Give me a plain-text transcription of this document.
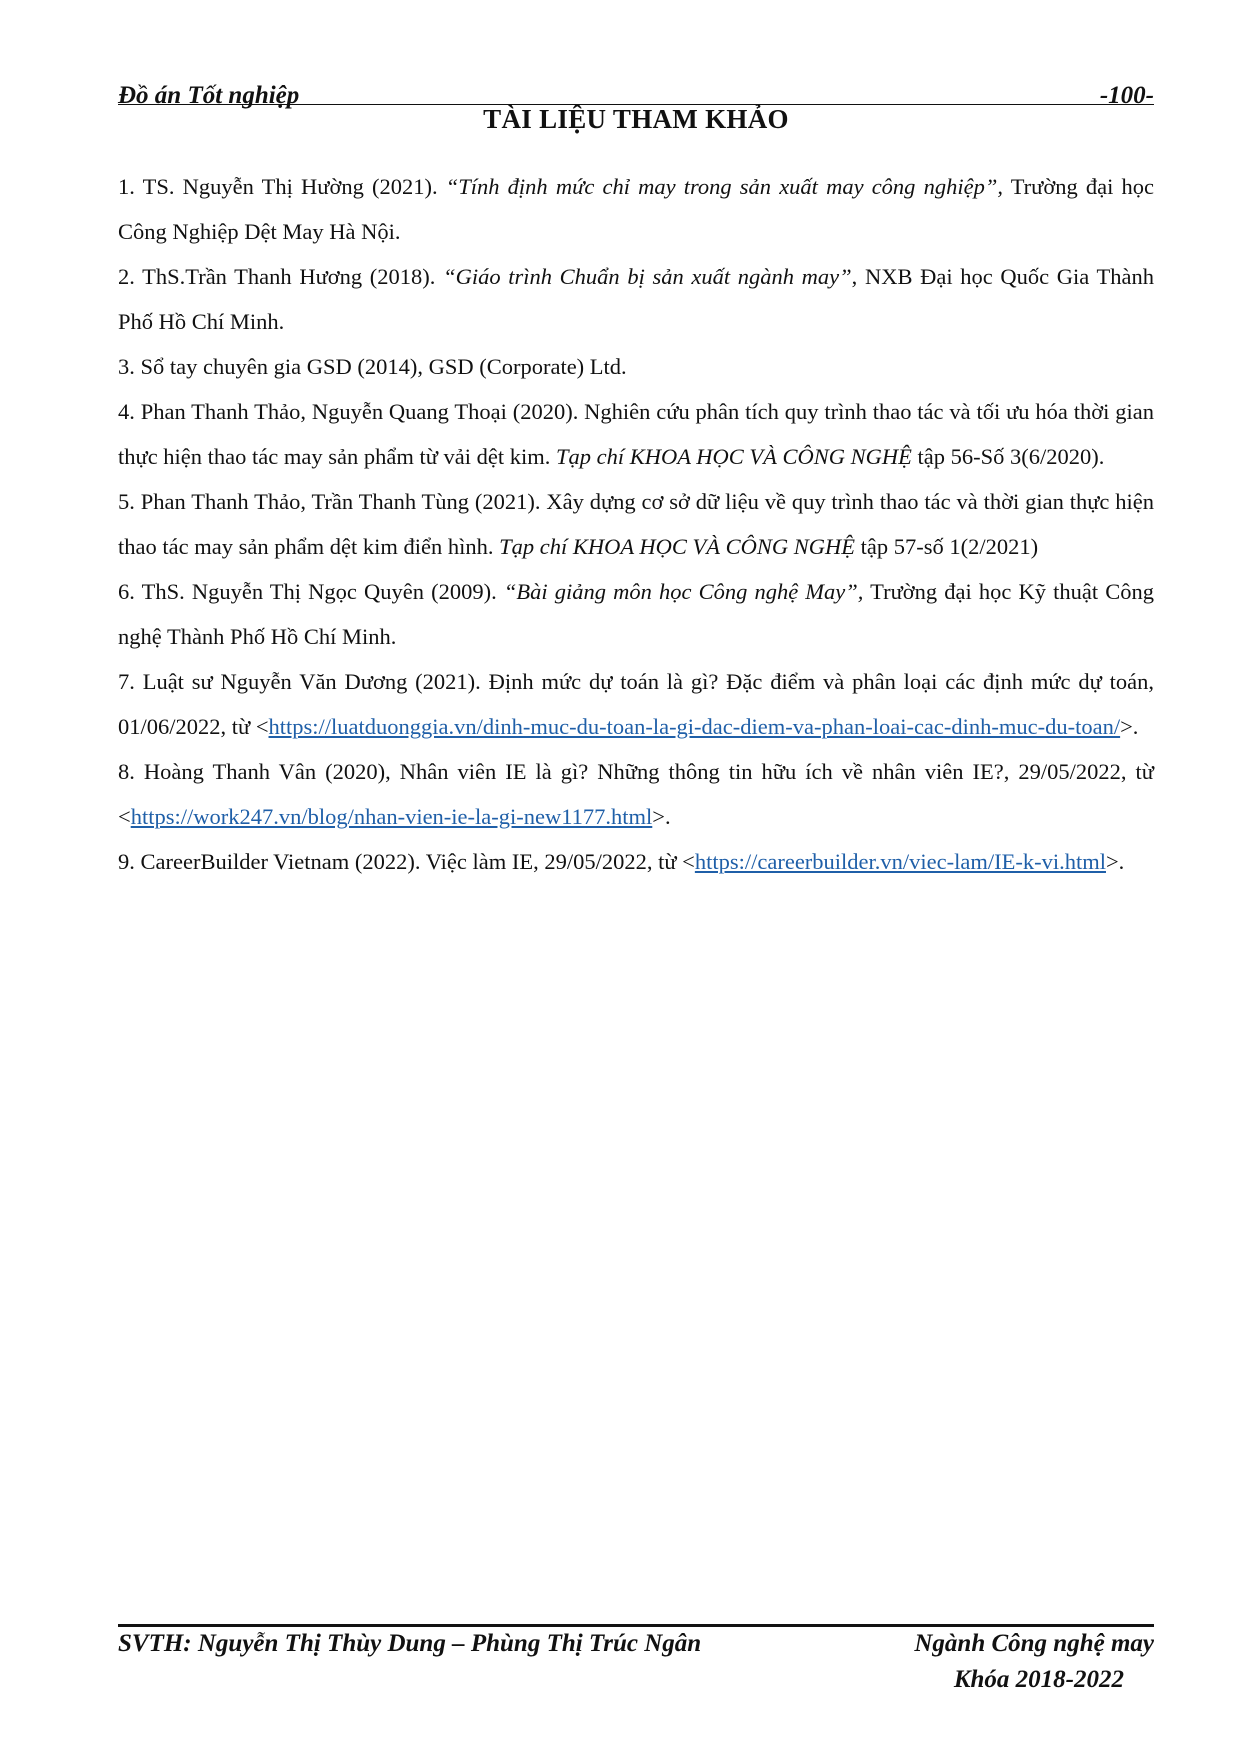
Đồ án Tốt nghiệp	-100-
TÀI LIỆU THAM KHẢO

1. TS. Nguyễn Thị Hường (2021). “Tính định mức chỉ may trong sản xuất may công nghiệp”, Trường đại học Công Nghiệp Dệt May Hà Nội.

2. ThS.Trần Thanh Hương (2018). “Giáo trình Chuẩn bị sản xuất ngành may”, NXB Đại học Quốc Gia Thành Phố Hồ Chí Minh.

3. Sổ tay chuyên gia GSD (2014), GSD (Corporate) Ltd.

4. Phan Thanh Thảo, Nguyễn Quang Thoại (2020). Nghiên cứu phân tích quy trình thao tác và tối ưu hóa thời gian thực hiện thao tác may sản phẩm từ vải dệt kim. Tạp chí KHOA HỌC VÀ CÔNG NGHỆ tập 56-Số 3(6/2020).

5. Phan Thanh Thảo, Trần Thanh Tùng (2021). Xây dựng cơ sở dữ liệu về quy trình thao tác và thời gian thực hiện thao tác may sản phẩm dệt kim điển hình. Tạp chí KHOA HỌC VÀ CÔNG NGHỆ tập 57-số 1(2/2021)

6. ThS. Nguyễn Thị Ngọc Quyên (2009). “Bài giảng môn học Công nghệ May”, Trường đại học Kỹ thuật Công nghệ Thành Phố Hồ Chí Minh.

7. Luật sư Nguyễn Văn Dương (2021). Định mức dự toán là gì? Đặc điểm và phân loại các định mức dự toán, 01/06/2022, từ <https://luatduonggia.vn/dinh-muc-du-toan-la-gi-dac-diem-va-phan-loai-cac-dinh-muc-du-toan/>.

8. Hoàng Thanh Vân (2020), Nhân viên IE là gì? Những thông tin hữu ích về nhân viên IE?, 29/05/2022, từ <https://work247.vn/blog/nhan-vien-ie-la-gi-new1177.html>.

9. CareerBuilder Vietnam (2022). Việc làm IE, 29/05/2022, từ <https://careerbuilder.vn/viec-lam/IE-k-vi.html>.

SVTH: Nguyễn Thị Thùy Dung – Phùng Thị Trúc Ngân	Ngành Công nghệ may
Khóa 2018-2022
